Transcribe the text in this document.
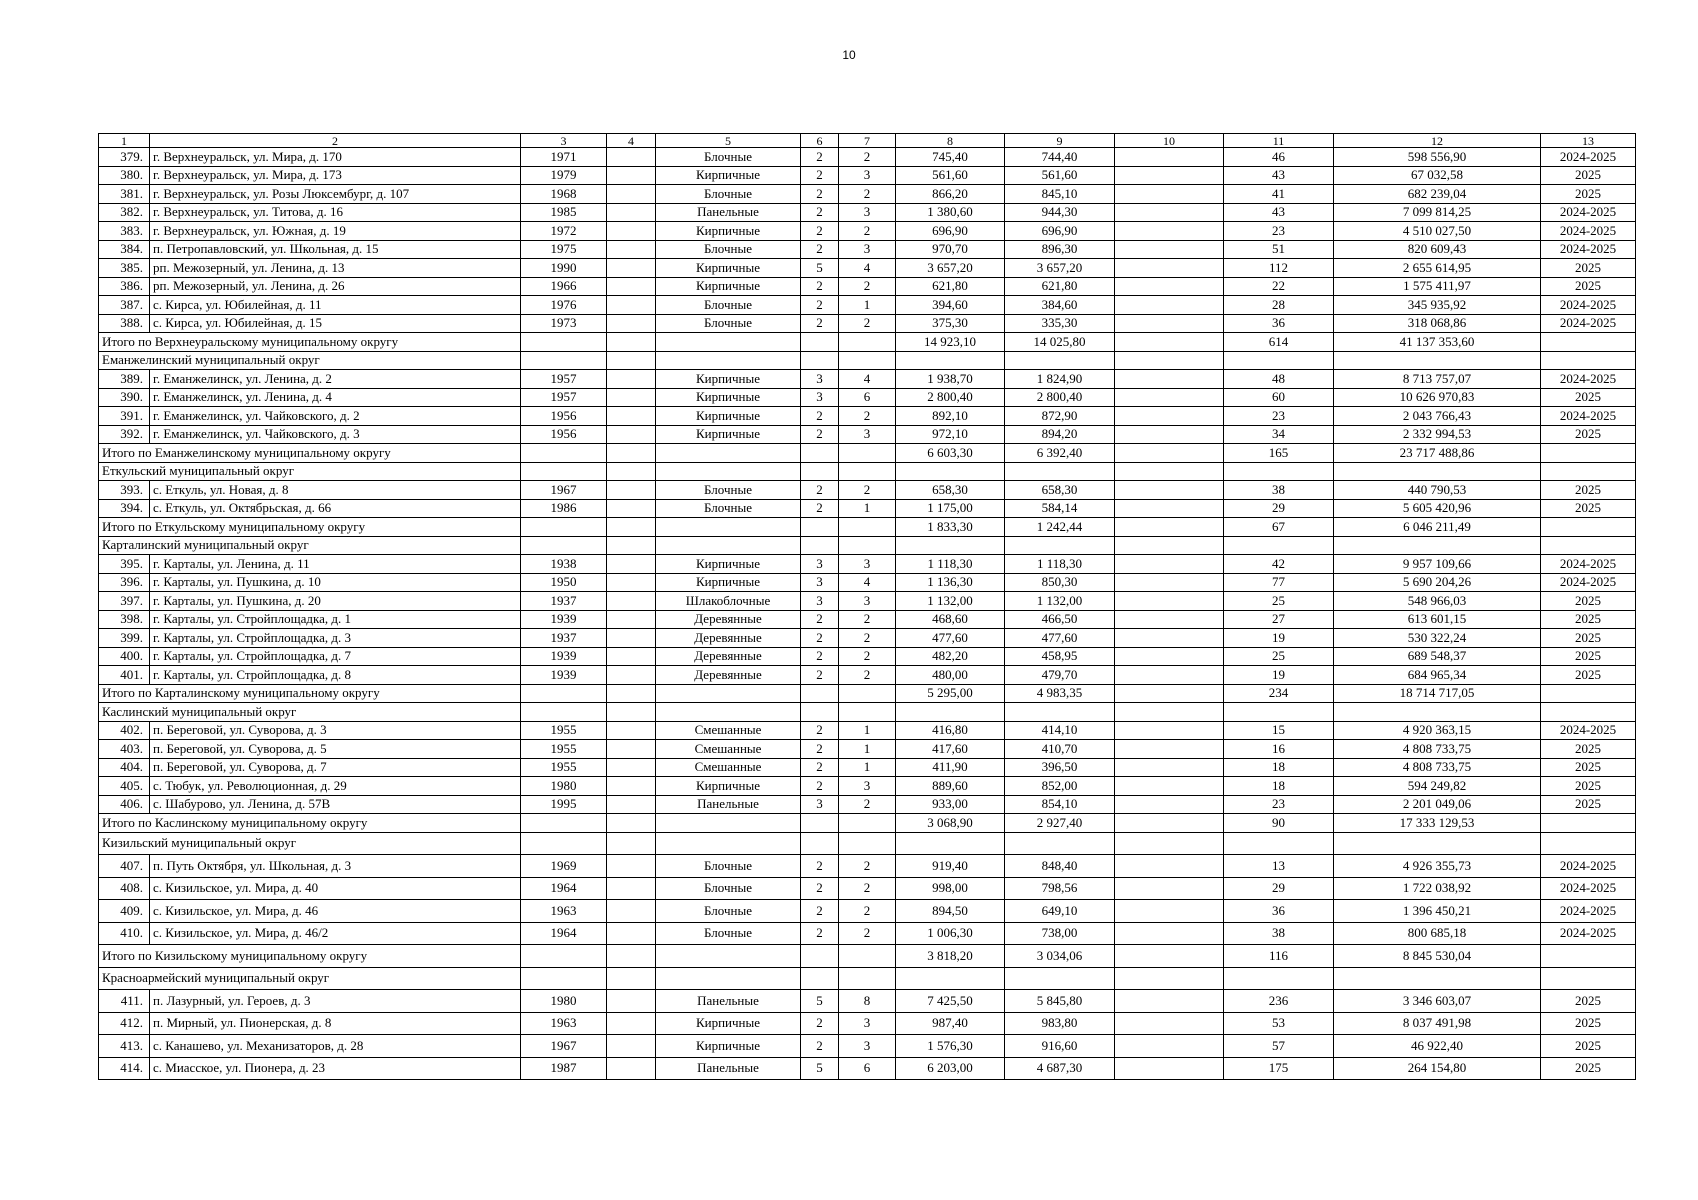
10
1	2	3	4	5	6	7	8	9	10	11	12	13
379.	г. Верхнеуральск, ул. Мира, д. 170	1971		Блочные	2	2	745,40	744,40		46	598 556,90	2024-2025
380.	г. Верхнеуральск, ул. Мира, д. 173	1979		Кирпичные	2	3	561,60	561,60		43	67 032,58	2025
381.	г. Верхнеуральск, ул. Розы Люксембург, д. 107	1968		Блочные	2	2	866,20	845,10		41	682 239,04	2025
382.	г. Верхнеуральск, ул. Титова, д. 16	1985		Панельные	2	3	1 380,60	944,30		43	7 099 814,25	2024-2025
383.	г. Верхнеуральск, ул. Южная, д. 19	1972		Кирпичные	2	2	696,90	696,90		23	4 510 027,50	2024-2025
384.	п. Петропавловский, ул. Школьная, д. 15	1975		Блочные	2	3	970,70	896,30		51	820 609,43	2024-2025
385.	рп. Межозерный, ул. Ленина, д. 13	1990		Кирпичные	5	4	3 657,20	3 657,20		112	2 655 614,95	2025
386.	рп. Межозерный, ул. Ленина, д. 26	1966		Кирпичные	2	2	621,80	621,80		22	1 575 411,97	2025
387.	с. Кирса, ул. Юбилейная, д. 11	1976		Блочные	2	1	394,60	384,60		28	345 935,92	2024-2025
388.	с. Кирса, ул. Юбилейная, д. 15	1973		Блочные	2	2	375,30	335,30		36	318 068,86	2024-2025
Итого по Верхнеуральскому муниципальному округу							14 923,10	14 025,80		614	41 137 353,60	
Еманжелинский муниципальный округ												
389.	г. Еманжелинск, ул. Ленина, д. 2	1957		Кирпичные	3	4	1 938,70	1 824,90		48	8 713 757,07	2024-2025
390.	г. Еманжелинск, ул. Ленина, д. 4	1957		Кирпичные	3	6	2 800,40	2 800,40		60	10 626 970,83	2025
391.	г. Еманжелинск, ул. Чайковского, д. 2	1956		Кирпичные	2	2	892,10	872,90		23	2 043 766,43	2024-2025
392.	г. Еманжелинск, ул. Чайковского, д. 3	1956		Кирпичные	2	3	972,10	894,20		34	2 332 994,53	2025
Итого по Еманжелинскому муниципальному округу							6 603,30	6 392,40		165	23 717 488,86	
Еткульский муниципальный округ												
393.	с. Еткуль, ул. Новая, д. 8	1967		Блочные	2	2	658,30	658,30		38	440 790,53	2025
394.	с. Еткуль, ул. Октябрьская, д. 66	1986		Блочные	2	1	1 175,00	584,14		29	5 605 420,96	2025
Итого по Еткульскому муниципальному округу							1 833,30	1 242,44		67	6 046 211,49	
Карталинский муниципальный округ												
395.	г. Карталы, ул. Ленина, д. 11	1938		Кирпичные	3	3	1 118,30	1 118,30		42	9 957 109,66	2024-2025
396.	г. Карталы, ул. Пушкина, д. 10	1950		Кирпичные	3	4	1 136,30	850,30		77	5 690 204,26	2024-2025
397.	г. Карталы, ул. Пушкина, д. 20	1937		Шлакоблочные	3	3	1 132,00	1 132,00		25	548 966,03	2025
398.	г. Карталы, ул. Стройплощадка, д. 1	1939		Деревянные	2	2	468,60	466,50		27	613 601,15	2025
399.	г. Карталы, ул. Стройплощадка, д. 3	1937		Деревянные	2	2	477,60	477,60		19	530 322,24	2025
400.	г. Карталы, ул. Стройплощадка, д. 7	1939		Деревянные	2	2	482,20	458,95		25	689 548,37	2025
401.	г. Карталы, ул. Стройплощадка, д. 8	1939		Деревянные	2	2	480,00	479,70		19	684 965,34	2025
Итого по Карталинскому муниципальному округу							5 295,00	4 983,35		234	18 714 717,05	
Каслинский муниципальный округ												
402.	п. Береговой, ул. Суворова, д. 3	1955		Смешанные	2	1	416,80	414,10		15	4 920 363,15	2024-2025
403.	п. Береговой, ул. Суворова, д. 5	1955		Смешанные	2	1	417,60	410,70		16	4 808 733,75	2025
404.	п. Береговой, ул. Суворова, д. 7	1955		Смешанные	2	1	411,90	396,50		18	4 808 733,75	2025
405.	с. Тюбук, ул. Революционная, д. 29	1980		Кирпичные	2	3	889,60	852,00		18	594 249,82	2025
406.	с. Шабурово, ул. Ленина, д. 57В	1995		Панельные	3	2	933,00	854,10		23	2 201 049,06	2025
Итого по Каслинскому муниципальному округу							3 068,90	2 927,40		90	17 333 129,53	
Кизильский муниципальный округ												
407.	п. Путь Октября, ул. Школьная, д. 3	1969		Блочные	2	2	919,40	848,40		13	4 926 355,73	2024-2025
408.	с. Кизильское, ул. Мира, д. 40	1964		Блочные	2	2	998,00	798,56		29	1 722 038,92	2024-2025
409.	с. Кизильское, ул. Мира, д. 46	1963		Блочные	2	2	894,50	649,10		36	1 396 450,21	2024-2025
410.	с. Кизильское, ул. Мира, д. 46/2	1964		Блочные	2	2	1 006,30	738,00		38	800 685,18	2024-2025
Итого по Кизильскому муниципальному округу							3 818,20	3 034,06		116	8 845 530,04	
Красноармейский муниципальный округ												
411.	п. Лазурный, ул. Героев, д. 3	1980		Панельные	5	8	7 425,50	5 845,80		236	3 346 603,07	2025
412.	п. Мирный, ул. Пионерская, д. 8	1963		Кирпичные	2	3	987,40	983,80		53	8 037 491,98	2025
413.	с. Канашево, ул. Механизаторов, д. 28	1967		Кирпичные	2	3	1 576,30	916,60		57	46 922,40	2025
414.	с. Миасское, ул. Пионера, д. 23	1987		Панельные	5	6	6 203,00	4 687,30		175	264 154,80	2025
